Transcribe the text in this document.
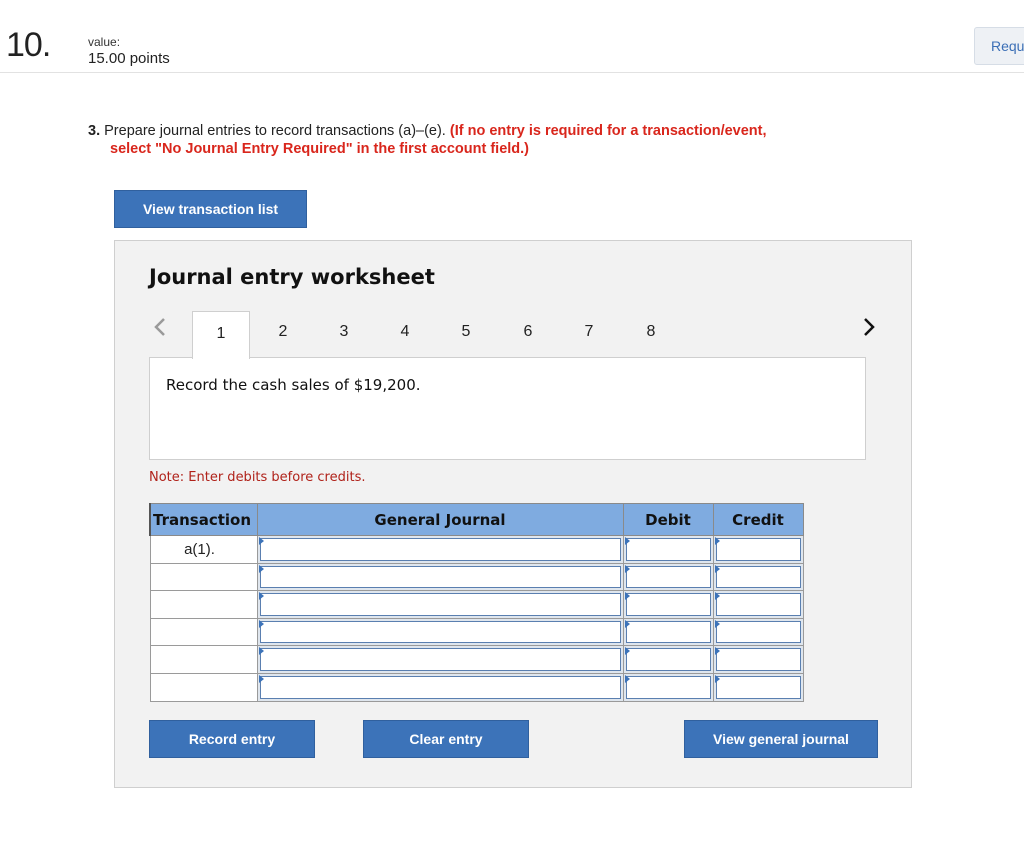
10.	value:
15.00 points
Requ
3. Prepare journal entries to record transactions (a)–(e). (If no entry is required for a transaction/event,
select "No Journal Entry Required" in the first account field.)
View transaction list
Journal entry worksheet
1	2	3	4	5	6	7	8
Record the cash sales of $19,200.
Note: Enter debits before credits.
Transaction	General Journal	Debit	Credit
a(1).	

Record entry	Clear entry	View general journal
